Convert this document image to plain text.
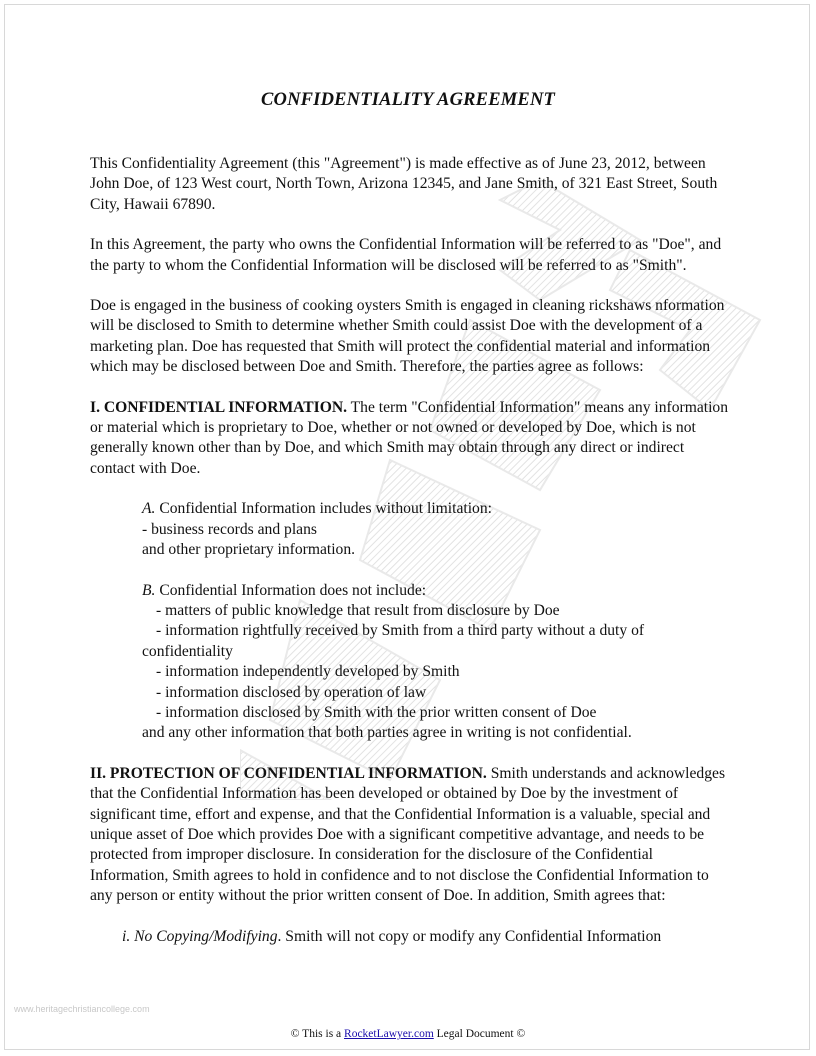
CONFIDENTIALITY AGREEMENT

This Confidentiality Agreement (this "Agreement") is made effective as of June 23, 2012, between John Doe, of 123 West court, North Town, Arizona 12345, and Jane Smith, of 321 East Street, South City, Hawaii 67890.

In this Agreement, the party who owns the Confidential Information will be referred to as "Doe", and the party to whom the Confidential Information will be disclosed will be referred to as "Smith".

Doe is engaged in the business of cooking oysters Smith is engaged in cleaning rickshaws nformation will be disclosed to Smith to determine whether Smith could assist Doe with the development of a marketing plan. Doe has requested that Smith will protect the confidential material and information which may be disclosed between Doe and Smith. Therefore, the parties agree as follows:

I. CONFIDENTIAL INFORMATION. The term "Confidential Information" means any information or material which is proprietary to Doe, whether or not owned or developed by Doe, which is not generally known other than by Doe, and which Smith may obtain through any direct or indirect contact with Doe.

A. Confidential Information includes without limitation:

- business records and plans

and other proprietary information.

B. Confidential Information does not include:

- matters of public knowledge that result from disclosure by Doe

- information rightfully received by Smith from a third party without a duty of

confidentiality

- information independently developed by Smith

- information disclosed by operation of law

- information disclosed by Smith with the prior written consent of Doe

and any other information that both parties agree in writing is not confidential.

II. PROTECTION OF CONFIDENTIAL INFORMATION. Smith understands and acknowledges that the Confidential Information has been developed or obtained by Doe by the investment of significant time, effort and expense, and that the Confidential Information is a valuable, special and unique asset of Doe which provides Doe with a significant competitive advantage, and needs to be protected from improper disclosure. In consideration for the disclosure of the Confidential Information, Smith agrees to hold in confidence and to not disclose the Confidential Information to any person or entity without the prior written consent of Doe. In addition, Smith agrees that:

i. No Copying/Modifying. Smith will not copy or modify any Confidential Information

www.heritagechristiancollege.com
© This is a RocketLawyer.com Legal Document ©
